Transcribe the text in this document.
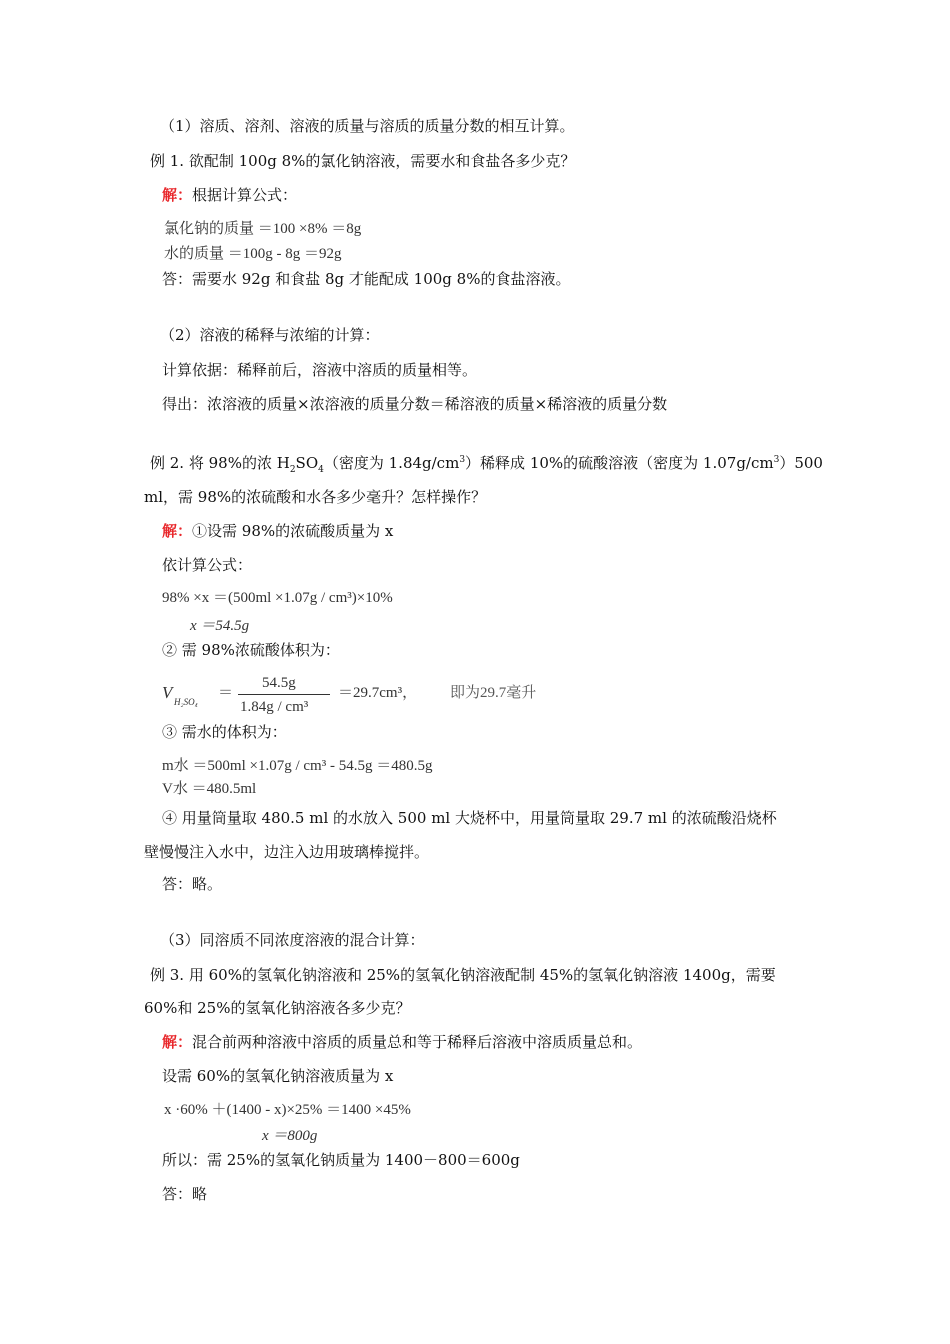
（1）溶质、溶剂、溶液的质量与溶质的质量分数的相互计算。
例 1. 欲配制 100g 8%的氯化钠溶液，需要水和食盐各多少克？
解：根据计算公式：
氯化钠的质量 ＝100 ×8% ＝8g
水的质量 ＝100g - 8g ＝92g
答：需要水 92g 和食盐 8g 才能配成 100g 8%的食盐溶液。
（2）溶液的稀释与浓缩的计算：
计算依据：稀释前后，溶液中溶质的质量相等。
得出：浓溶液的质量×浓溶液的质量分数＝稀溶液的质量×稀溶液的质量分数
例 2. 将 98%的浓 $H_2SO_4$（密度为 $1.84g/cm^3$）稀释成 10%的硫酸溶液（密度为 $1.07g/cm^3)500$
ml，需 98%的浓硫酸和水各多少毫升？怎样操作？
解：①设需 98%的浓硫酸质量为 x
依计算公式：
98% ×x ＝(500ml ×1.07g / cm³)×10%
x ＝54.5g
② 需 98%浓硫酸体积为：
V H₂SO₄
＝
54.5g
1.84g / cm³
＝29.7cm³， 即为29.7毫升
③ 需水的体积为：
m水 ＝500ml ×1.07g / cm³ - 54.5g ＝480.5g
V水 ＝480.5ml
④ 用量筒量取 480.5 ml 的水放入 500 ml 大烧杯中，用量筒量取 29.7 ml 的浓硫酸沿烧杯
壁慢慢注入水中，边注入边用玻璃棒搅拌。
答：略。
（3）同溶质不同浓度溶液的混合计算：
例 3. 用 60%的氢氧化钠溶液和 25%的氢氧化钠溶液配制 45%的氢氧化钠溶液 1400g，需要
60%和 25%的氢氧化钠溶液各多少克？
解：混合前两种溶液中溶质的质量总和等于稀释后溶液中溶质质量总和。
设需 60%的氢氧化钠溶液质量为 x
x ·60% ＋(1400 - x)×25% ＝1400 ×45%
x ＝800g
所以：需 25%的氢氧化钠质量为 1400－800＝600g
答：略
